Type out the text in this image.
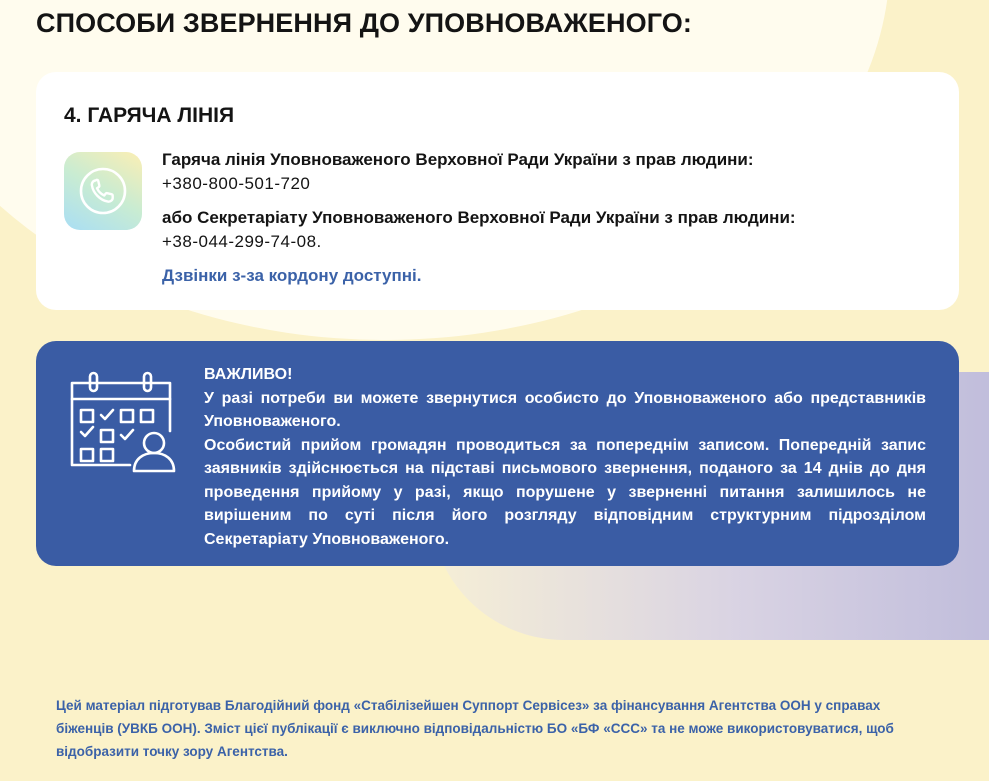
СПОСОБИ ЗВЕРНЕННЯ ДО УПОВНОВАЖЕНОГО:
4. ГАРЯЧА ЛІНІЯ
Гаряча лінія Уповноваженого Верховної Ради України з прав людини:
+380-800-501-720
або Секретаріату Уповноваженого Верховної Ради України з прав людини:
+38-044-299-74-08.
Дзвінки з-за кордону доступні.
ВАЖЛИВО!

У разі потреби ви можете звернутися особисто до Уповноваженого або представників Уповноваженого.

Особистий прийом громадян проводиться за попереднім записом. Попередній запис заявників здійснюється на підставі письмового звернення, поданого за 14 днів до дня проведення прийому у разі, якщо порушене у зверненні питання залишилось не вирішеним по суті після його розгляду відповідним структурним підрозділом Секретаріату Уповноваженого.

Цей матеріал підготував Благодійний фонд «Стабілізейшен Суппорт Сервісез» за фінансування Агентства ООН у справах біженців (УВКБ ООН). Зміст цієї публікації є виключно відповідальністю БО «БФ «ССС» та не може використовуватися, щоб відобразити точку зору Агентства.
